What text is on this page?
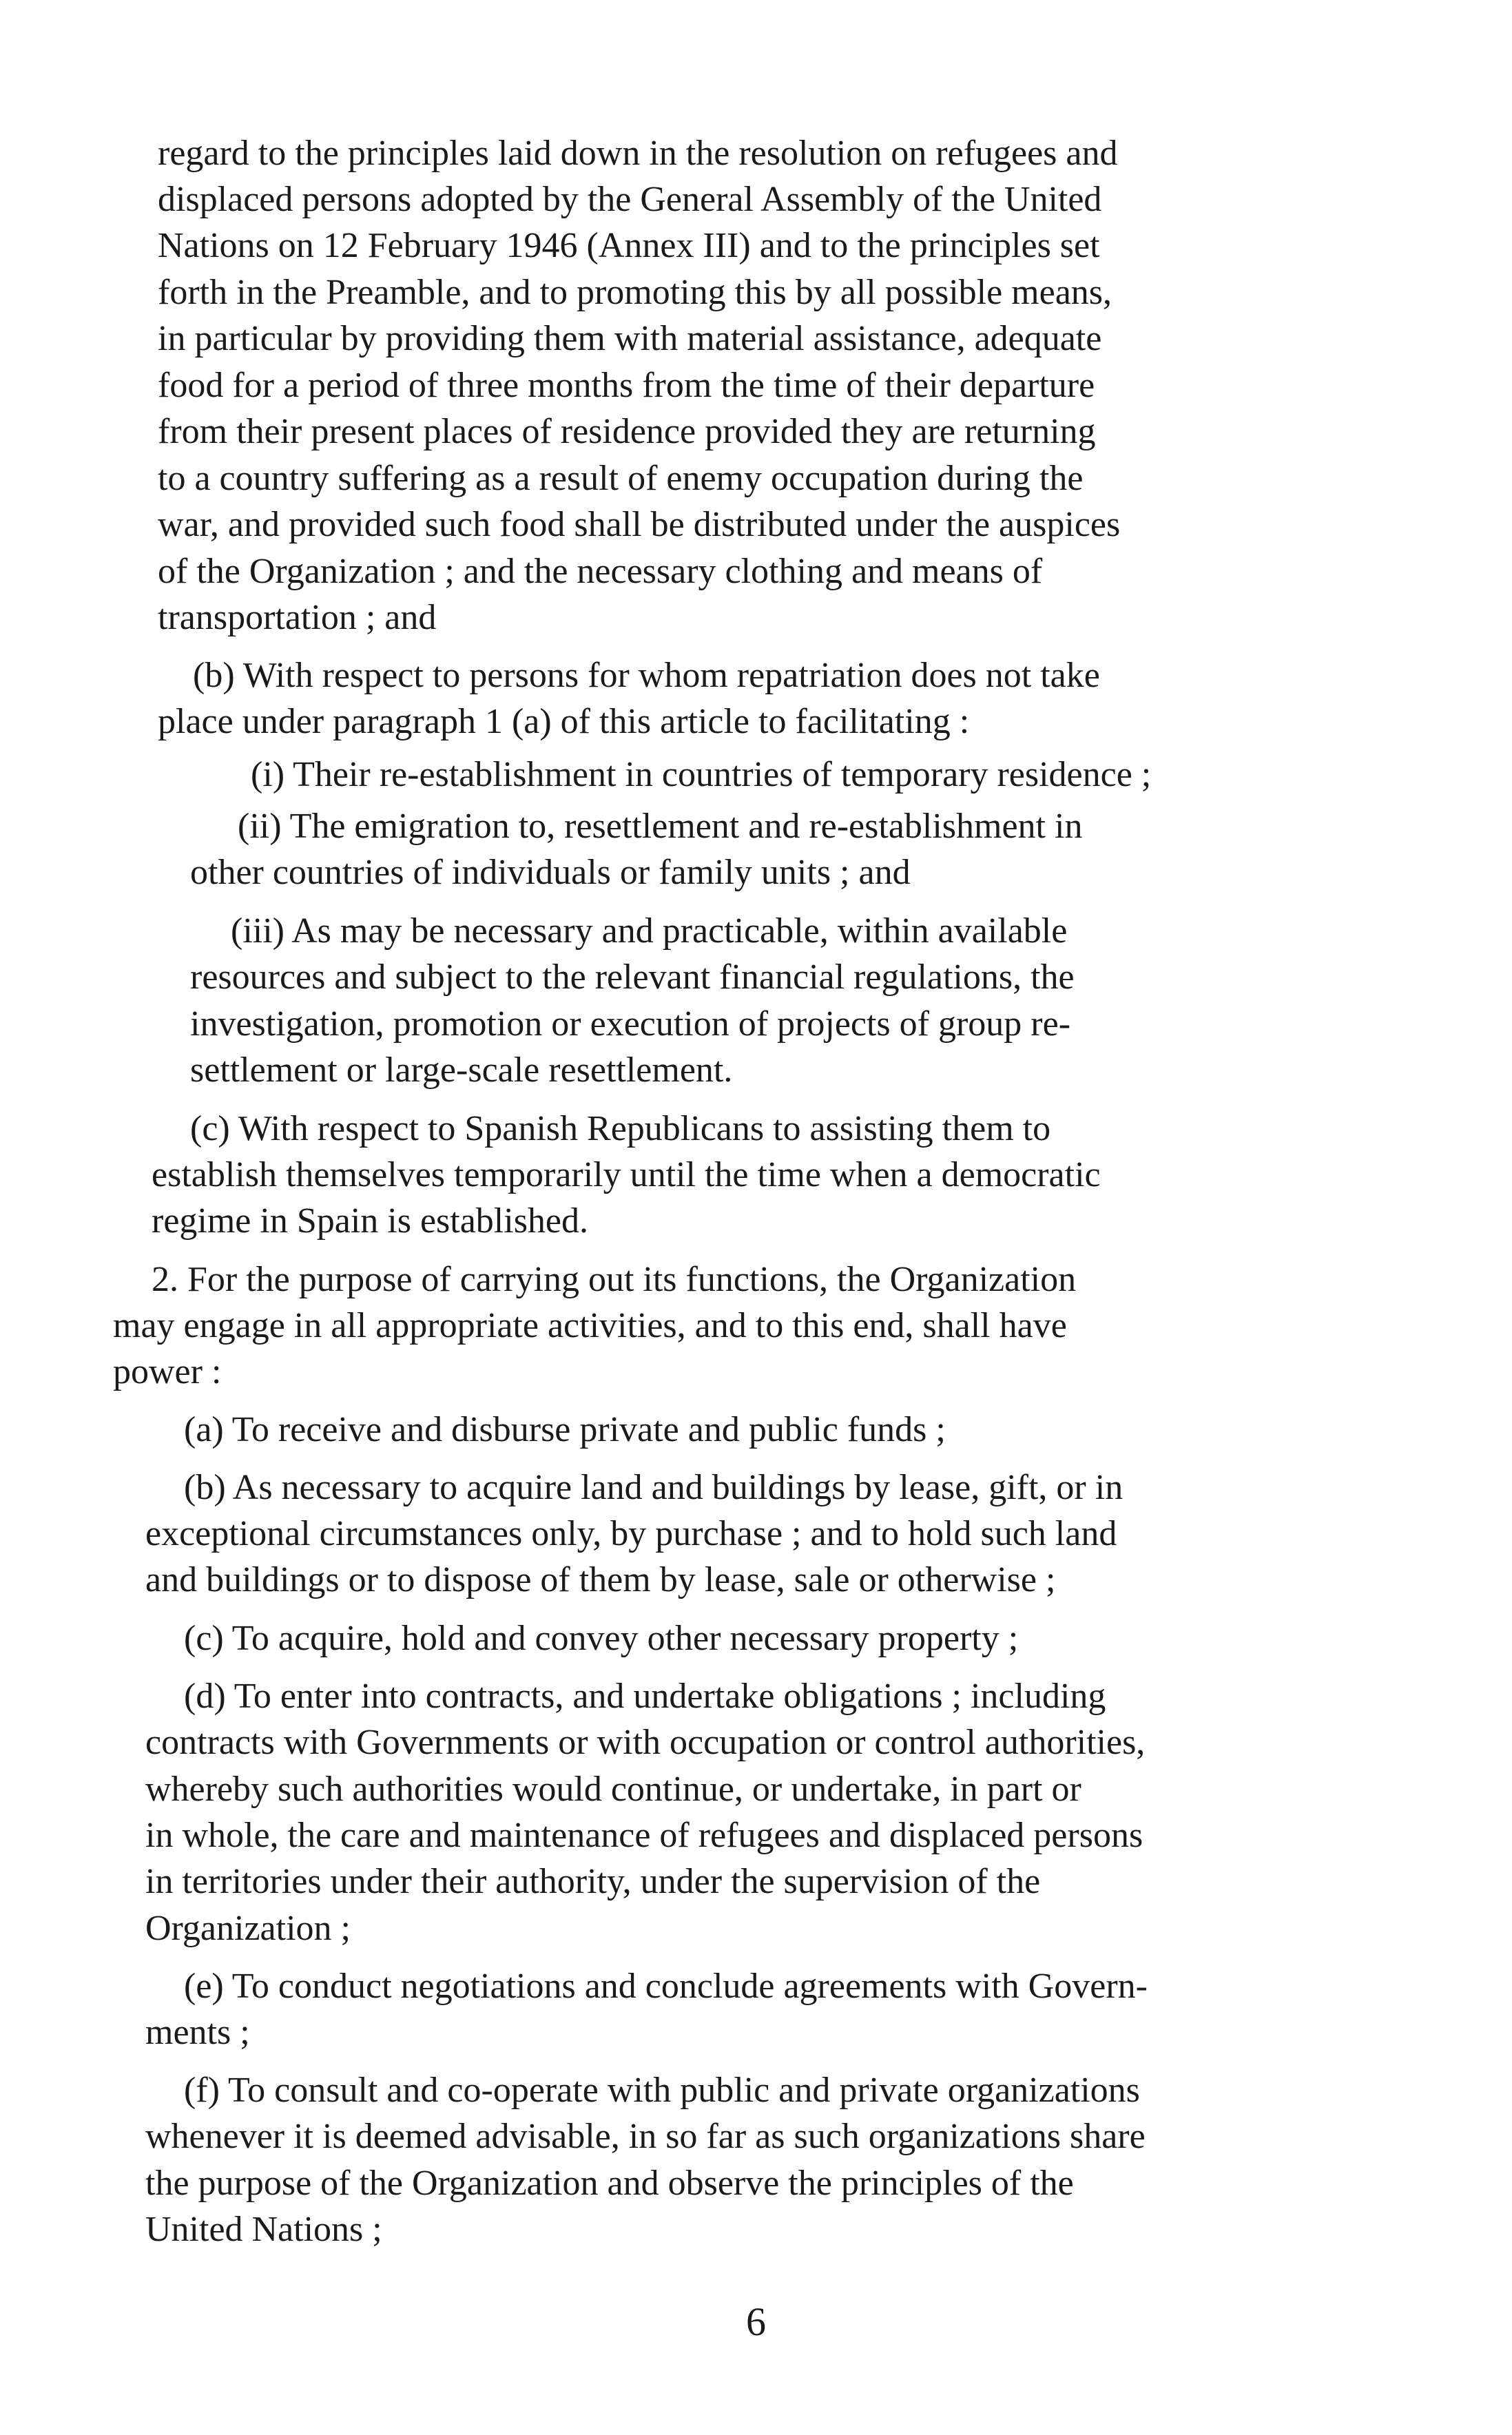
regard to the principles laid down in the resolution on refugees and

displaced persons adopted by the General Assembly of the United

Nations on 12 February 1946 (Annex III) and to the principles set

forth in the Preamble, and to promoting this by all possible means,

in particular by providing them with material assistance, adequate

food for a period of three months from the time of their departure

from their present places of residence provided they are returning

to a country suffering as a result of enemy occupation during the

war, and provided such food shall be distributed under the auspices

of the Organization ; and the necessary clothing and means of

transportation ; and

(b) With respect to persons for whom repatriation does not take

place under paragraph 1 (a) of this article to facilitating :

(i) Their re-establishment in countries of temporary residence ;

(ii) The emigration to, resettlement and re-establishment in

other countries of individuals or family units ; and

(iii) As may be necessary and practicable, within available

resources and subject to the relevant financial regulations, the

investigation, promotion or execution of projects of group re-

settlement or large-scale resettlement.

(c) With respect to Spanish Republicans to assisting them to

establish themselves temporarily until the time when a democratic

regime in Spain is established.

2. For the purpose of carrying out its functions, the Organization

may engage in all appropriate activities, and to this end, shall have

power :

(a) To receive and disburse private and public funds ;

(b) As necessary to acquire land and buildings by lease, gift, or in

exceptional circumstances only, by purchase ; and to hold such land

and buildings or to dispose of them by lease, sale or otherwise ;

(c) To acquire, hold and convey other necessary property ;

(d) To enter into contracts, and undertake obligations ; including

contracts with Governments or with occupation or control authorities,

whereby such authorities would continue, or undertake, in part or

in whole, the care and maintenance of refugees and displaced persons

in territories under their authority, under the supervision of the

Organization ;

(e) To conduct negotiations and conclude agreements with Govern-

ments ;

(f) To consult and co-operate with public and private organizations

whenever it is deemed advisable, in so far as such organizations share

the purpose of the Organization and observe the principles of the

United Nations ;

6
